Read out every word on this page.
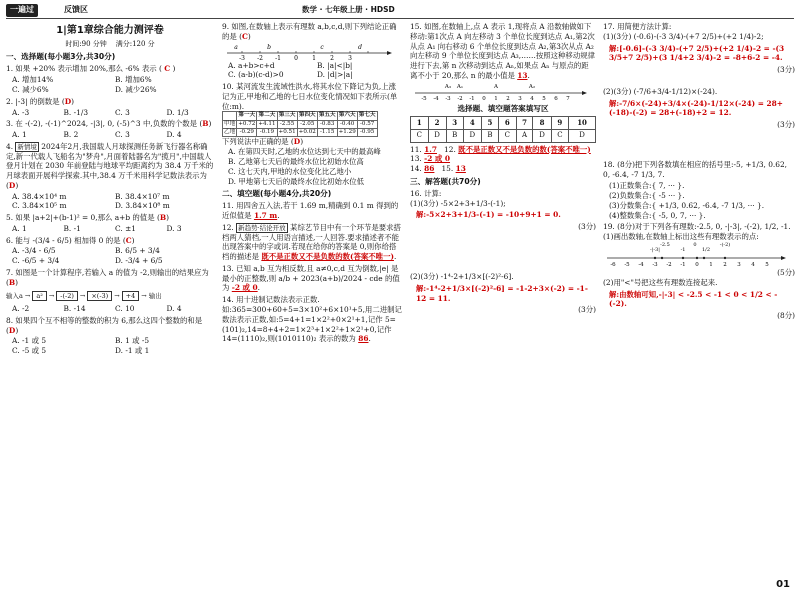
一遍过	反馈区	数学 · 七年级上册 · HDSD
1|第1章综合能力测评卷
时间:90 分钟 满分:120 分
一、选择题(每小题3分,共30分)
1. 如果 +20% 表示增加 20%,那么 -6% 表示 ( C )
A. 增加14%	B. 增加6%
C. 减少6%	D. 减少26%
2. |-3| 的倒数是 (D)
A. -3	B. -1/3	C. 3	D. 1/3
3. 在 -(-2), -(-1)^2024, -|3|, 0, (-5)^3 中,负数的个数是 (B)
A. 1	B. 2	C. 3	D. 4
4. 新情境 2024年2月,我国载人月球探测任务新飞行器名称确定,新一代载人飞船名为"梦舟",月面着陆器名为"揽月",中国载人登月计划在 2030 年前登陆与地球平均距离约为 38.4 万千米的月球表面开展科学探索.其中,38.4 万千米用科学记数法表示为 (D)
A. 38.4×10⁴ m	B. 38.4×10⁷ m
C. 3.84×10⁵ m	D. 3.84×10⁸ m
5. 如果 |a+2|+(b-1)² = 0,那么 a+b 的值是 (B)
A. 1	B. -1	C. ±1	D. 3
6. 能与 -(3/4 - 6/5) 相加得 0 的是 (C)
A. -3/4 - 6/5	B. 6/5 + 3/4
C. -6/5 + 3/4	D. -3/4 + 6/5
7. 如图是一个计算程序,若输入 a 的值为 -2,则输出的结果应为 (B)
输入a → a² → -(-2) → ×(-3) → +4 → 输出
A. -2	B. -14	C. 10	D. 4
8. 如果四个互不相等的整数的积为 6,那么这四个整数的和是 (D)
A. -1 或 5	B. 1 或 -5
C. -5 或 5	D. -1 或 1
9. 如图,在数轴上表示有理数 a,b,c,d,则下列结论正确的是 (C)
-3 -2 -1 0 1 2 3
a	b	c	d
A. a+b>c+d	B. |a|<|b|
C. (a-b)(c-d)>0	D. |d|>|a|
10. 某河流发生流域性洪水,将其水位下降记为负,上涨记为正,甲地和乙地的七日水位变化情况如下表所示(单位:m).
	第一天	第二天	第三天	第四天	第五天	第六天	第七天
甲地	+0.72	+4.11	-2.55	-2.05	-0.83	-0.40	-0.57
乙地	-0.29	-0.19	+0.51	+0.02	-1.15	+1.29	-0.95
下列说法中正确的是 (D)
A. 在第四天时,乙地的水位达到七天中的最高峰
B. 乙地第七天后的最终水位比初始水位高
C. 这七天内,甲地的水位变化比乙地小
D. 甲地第七天后的最终水位比初始水位低
二、填空题(每小题4分,共20分)
11. 用四舍五入法,若干 1.69 m,精确到 0.1 m 得到的近似值是 1.7 m.
12. 新趋势·结论开放 某综艺节目中有一个环节是要求搭档两人猜档,一人用语言描述,一人回答.要求描述者不能出现答案中的字或词.若现在给你的答案是 0,则你给搭档的描述是 既不是正数又不是负数的数(答案不唯一).
13. 已知 a,b 互为相反数,且 a≠0,c,d 互为倒数,|e| 是最小的正整数,则 a/b + 2023(a+b)/2024 - cde 的值为 -2 或 0.
14. 用十进制记数法表示正数.如:365=300+60+5=3×10²+6×10¹+5,用二进制记数法表示正数,如:5=4+1=1×2²+0×2¹+1,记作 5=(101)₂,14=8+4+2=1×2³+1×2²+1×2¹+0,记作 14=(1110)₂,则(1010110)₂ 表示的数为 86.
15. 如图,在数轴上,点 A 表示 1,现将点 A 沿数轴做如下移动:第1次点 A 向左移动 3 个单位长度到达点 A₁,第2次从点 A₁ 向右移动 6 个单位长度到达点 A₂,第3次从点 A₂ 向左移动 9 个单位长度到达点 A₃,……按照这种移动规律进行下去,第 n 次移动到达点 Aₙ,如果点 Aₙ 与原点的距离不小于 20,那么 n 的最小值是 13.
-5 -4 -3 -2 -1 0 1 2 3 4 5 6 7
A₃ A₁	A	A₂
选择题、填空题答案填写区
1	2	3	4	5	6	7	8	9	10
C	D	B	D	B	C	A	D	C	D
11. 1.7 12. 既不是正数又不是负数的数(答案不唯一)
13. -2 或 0
14. 86 15. 13
三、解答题(共70分)
16. 计算:
(1)(3分) -5×2+3+1/3-(-1);
解:-5×2+3+1/3-(-1) = -10+9+1 = 0.
(3分)
(2)(3分) -1⁴-2+1/3×[(-2)²-6].
解:-1⁴-2+1/3×[(-2)²-6] = -1-2+3×(-2) = -1-12 = 11.
(3分)
17. 用简便方法计算:
(1)(3分) (-0.6)-(-3 3/4)-(+7 2/5)+(+2 1/4)-2;
解:[-0.6]-(-3 3/4)-(+7 2/5)+(+2 1/4)-2 = -(3 3/5+7 2/5)+(3 1/4+2 3/4)-2 = -8+6-2 = -4.
(3分)
(2)(3分) (-7/6+3/4-1/12)×(-24).
解:-7/6×(-24)+3/4×(-24)-1/12×(-24) = 28+(-18)-(-2) = 28+(-18)+2 = 12.
(3分)
18. (8分)把下列各数填在相应的括号里:-5, +1/3, 0.62, 0, -6.4, -7 1/3, 7.
(1)正数集合:{ 7, ··· }.
(2)负数集合:{ -5 ··· }.
(3)分数集合:{ +1/3, 0.62, -6.4, -7 1/3, ··· }.
(4)整数集合:{ -5, 0, 7, ··· }.
19. (8分)对于下列各有理数:-2.5, 0, -|-3|, -(-2), 1/2, -1.
(1)画出数轴,在数轴上标出这些有理数表示的点:
-6 -5 -4 -3 -2 -1 0 1 2 3 4 5
-|-3|
-2.5
-1
0
1/2
-(-2)
(5分)
(2)用"<"号把这些有理数连接起来.
解:由数轴可知,-|-3| < -2.5 < -1 < 0 < 1/2 < -(-2).
(8分)
01
